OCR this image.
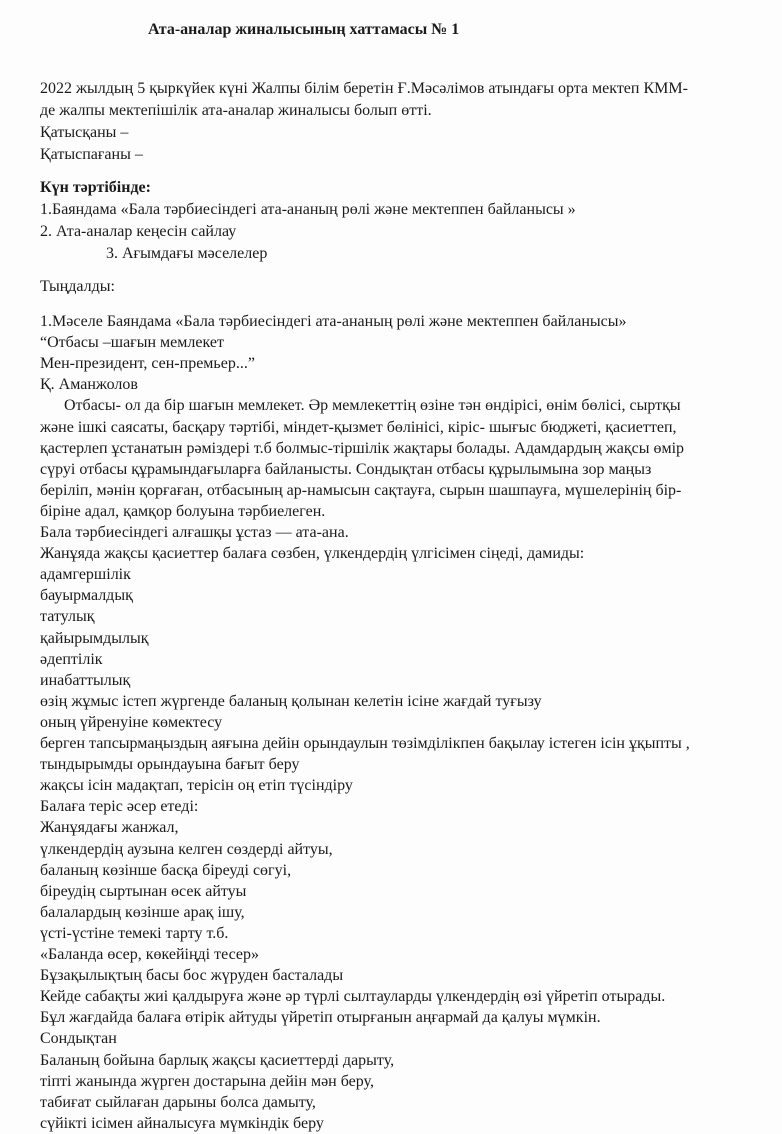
Ата-аналар жиналысының хаттамасы № 1
2022 жылдың 5 қыркүйек күні Жалпы білім беретін Ғ.Мәсәлімов атындағы орта мектеп КММ-
де жалпы мектепішілік ата-аналар жиналысы болып өтті.
Қатысқаны –
Қатыспағаны –
Күн тәртібінде:
1.Баяндама «Бала тәрбиесіндегі ата-ананың рөлі және мектеппен байланысы »
2. Ата-аналар кеңесін сайлау
3. Ағымдағы мәселелер
Тыңдалды:
1.Мәселе Баяндама «Бала тәрбиесіндегі ата-ананың рөлі және мектеппен байланысы»
“Отбасы –шағын мемлекет
Мен-президент, сен-премьер...”
Қ. Аманжолов
Отбасы- ол да бір шағын мемлекет. Әр мемлекеттің өзіне тән өндірісі, өнім бөлісі, сыртқы
және ішкі саясаты, басқару тәртібі, міндет-қызмет бөлінісі, кіріс- шығыс бюджеті, қасиеттеп,
қастерлеп ұстанатын рәміздері т.б болмыс-тіршілік жақтары болады. Адамдардың жақсы өмір
сүруі отбасы құрамындағыларға байланысты. Сондықтан отбасы құрылымына зор маңыз
беріліп, мәнін қорғаған, отбасының ар-намысын сақтауға, сырын шашпауға, мүшелерінің бір-
біріне адал, қамқор болуына тәрбиелеген.
Бала тәрбиесіндегі алғашқы ұстаз — ата-ана.
Жанұяда жақсы қасиеттер балаға сөзбен, үлкендердің үлгісімен сіңеді, дамиды:
адамгершілік
бауырмалдық
татулық
қайырымдылық
әдептілік
инабаттылық
өзің жұмыс істеп жүргенде баланың қолынан келетін ісіне жағдай туғызу
оның үйренуіне көмектесу
берген тапсырмаңыздың аяғына дейін орындаулын төзімділікпен бақылау істеген ісін ұқыпты ,
тындырымды орындауына бағыт беру
жақсы ісін мадақтап, терісін оң етіп түсіндіру
Балаға теріс әсер етеді:
Жанұядағы жанжал,
үлкендердің аузына келген сөздерді айтуы,
баланың көзінше басқа біреуді сөгуі,
біреудің сыртынан өсек айтуы
балалардың көзінше арақ ішу,
үсті-үстіне темекі тарту т.б.
«Баланда өсер, көкейіңді тесер»
Бұзақылықтың басы бос жүруден басталады
Кейде сабақты жиі қалдыруға және әр түрлі сылтауларды үлкендердің өзі үйретіп отырады.
Бұл жағдайда балаға өтірік айтуды үйретіп отырғанын аңғармай да қалуы мүмкін.
Сондықтан
Баланың бойына барлық жақсы қасиеттерді дарыту,
тіпті жанында жүрген достарына дейін мән беру,
табиғат сыйлаған дарыны болса дамыту,
сүйікті ісімен айналысуға мүмкіндік беру
